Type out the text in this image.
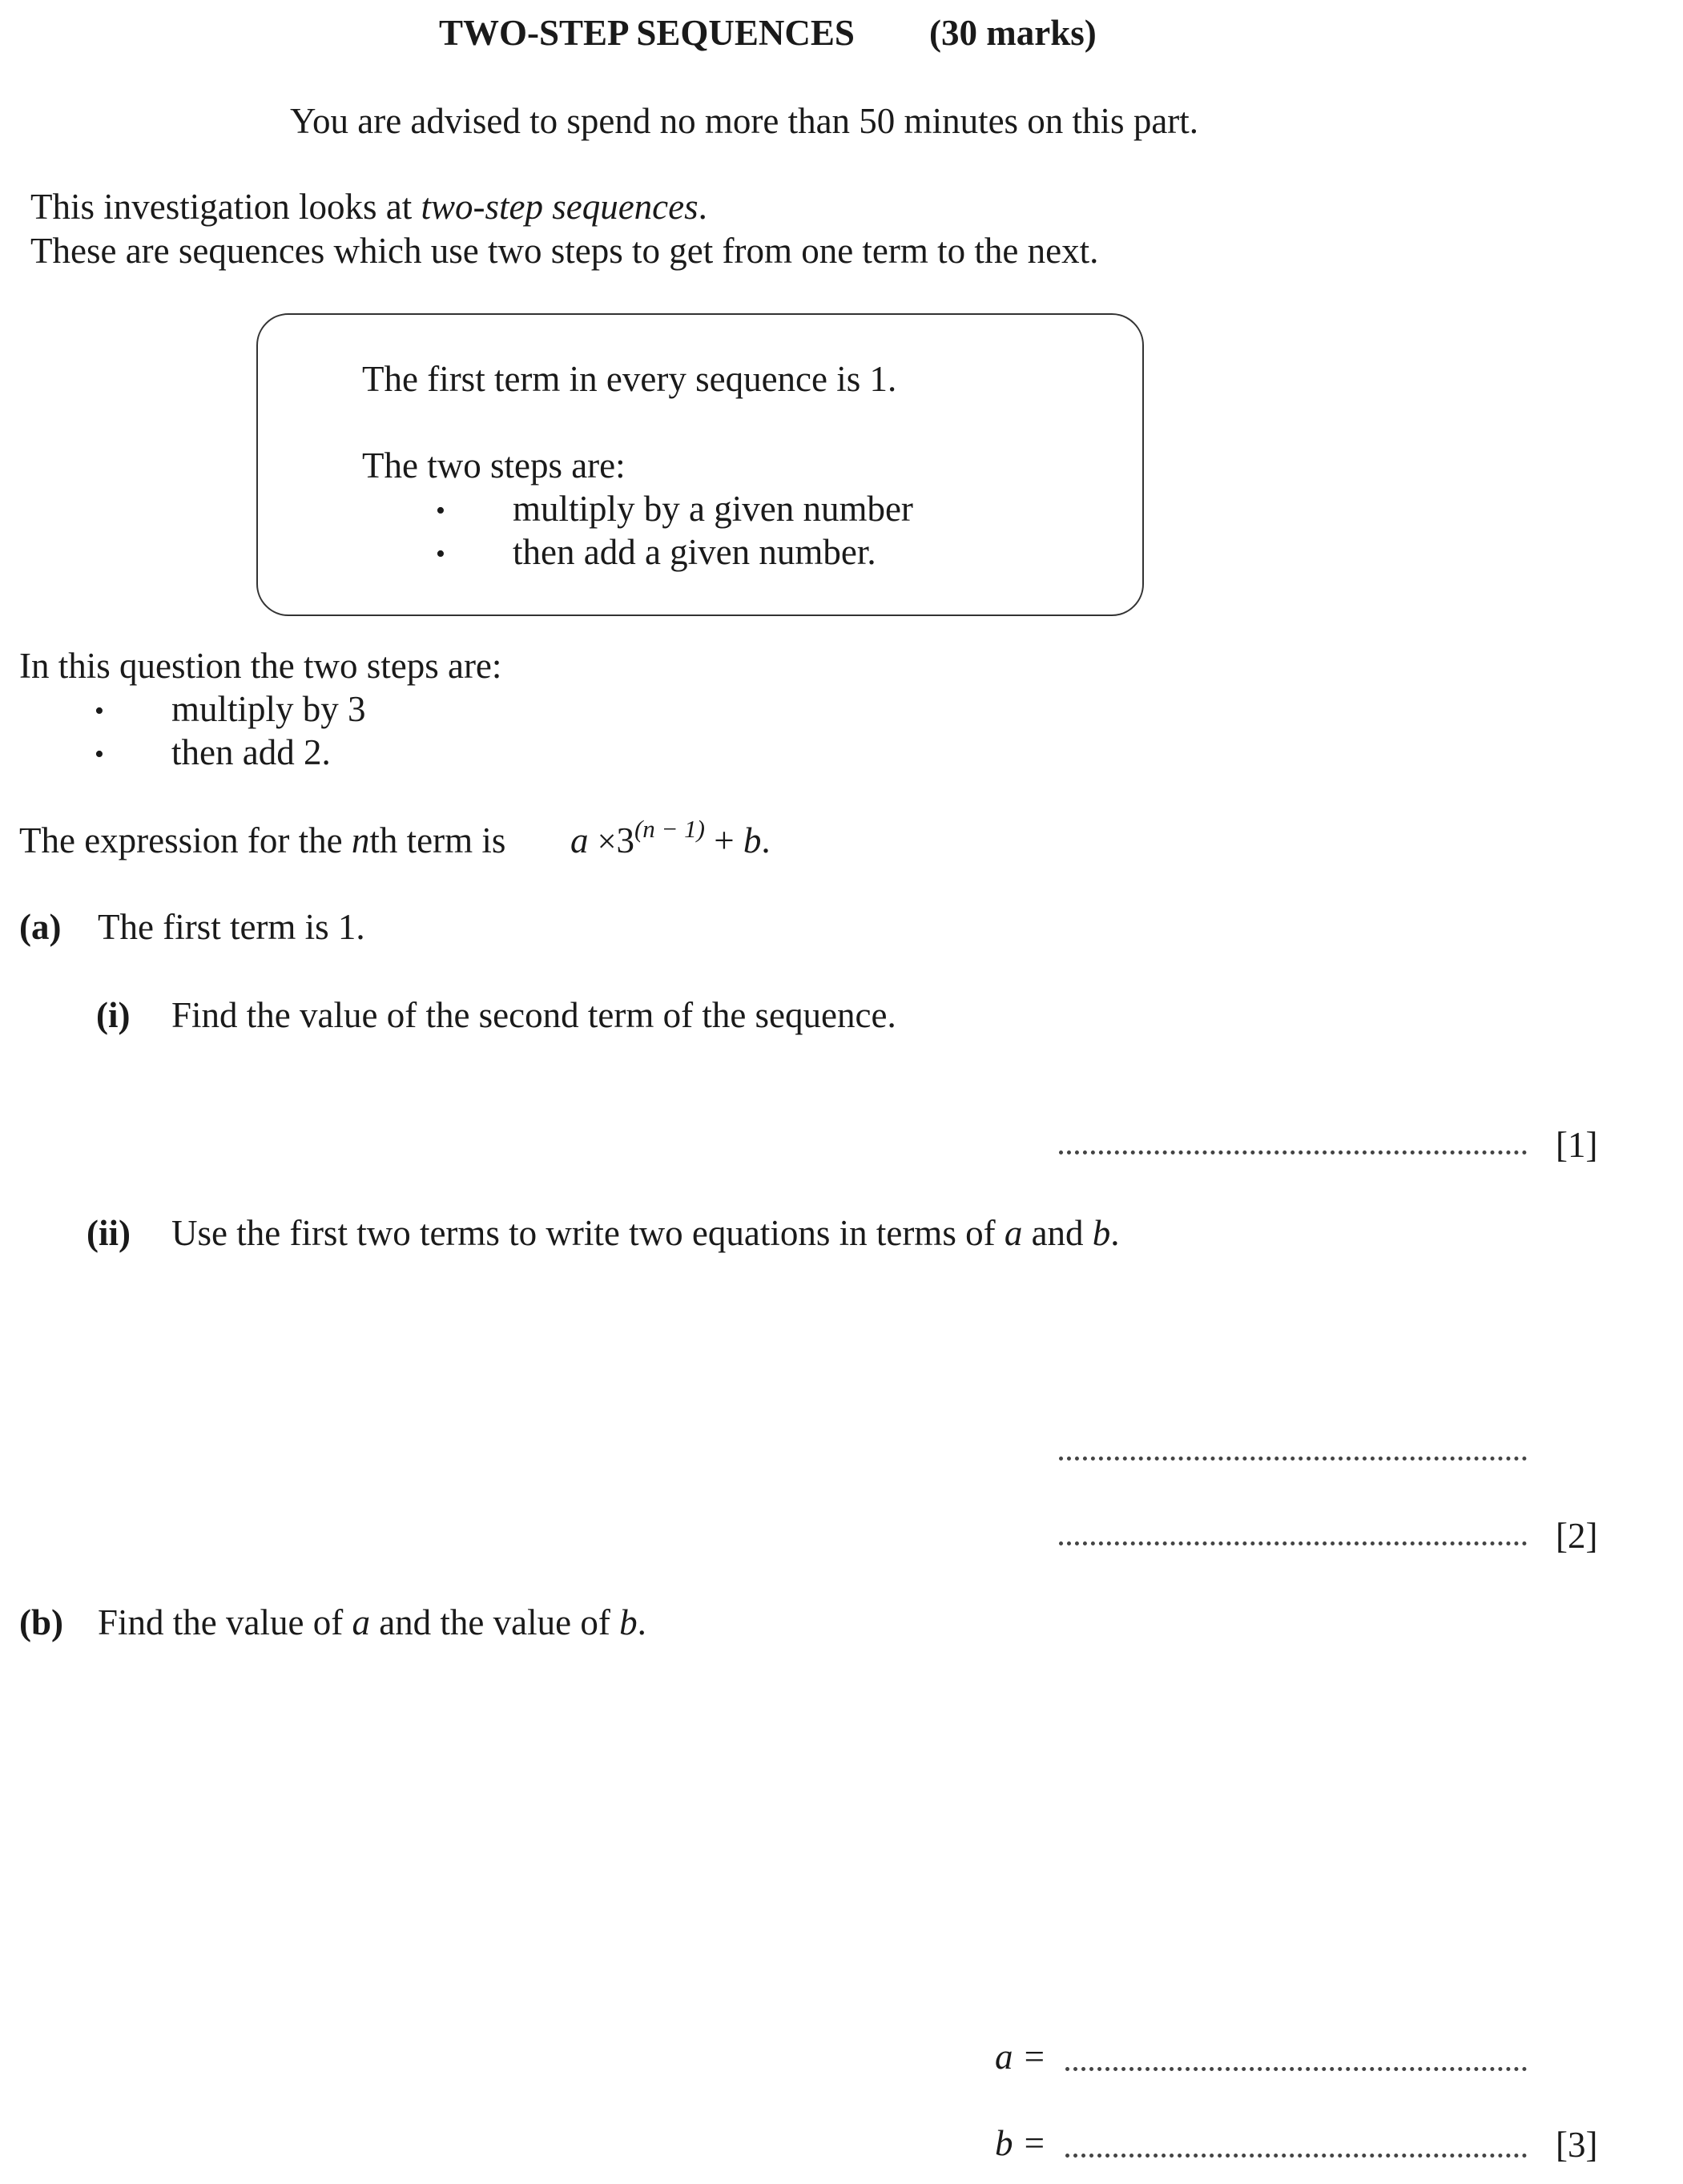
TWO-STEP SEQUENCES (30 marks)
You are advised to spend no more than 50 minutes on this part.
This investigation looks at two-step sequences.
These are sequences which use two steps to get from one term to the next.
The first term in every sequence is 1.
The two steps are:
• multiply by a given number
• then add a given number.
In this question the two steps are:
• multiply by 3
• then add 2.
The expression for the nth term is $a \times 3^{(n - 1)} + b$.
(a) The first term is 1.
(i) Find the value of the second term of the sequence.
[1]
(ii) Use the first two terms to write two equations in terms of a and b.
[2]
(b) Find the value of a and the value of b.
a =
b =	[3]
